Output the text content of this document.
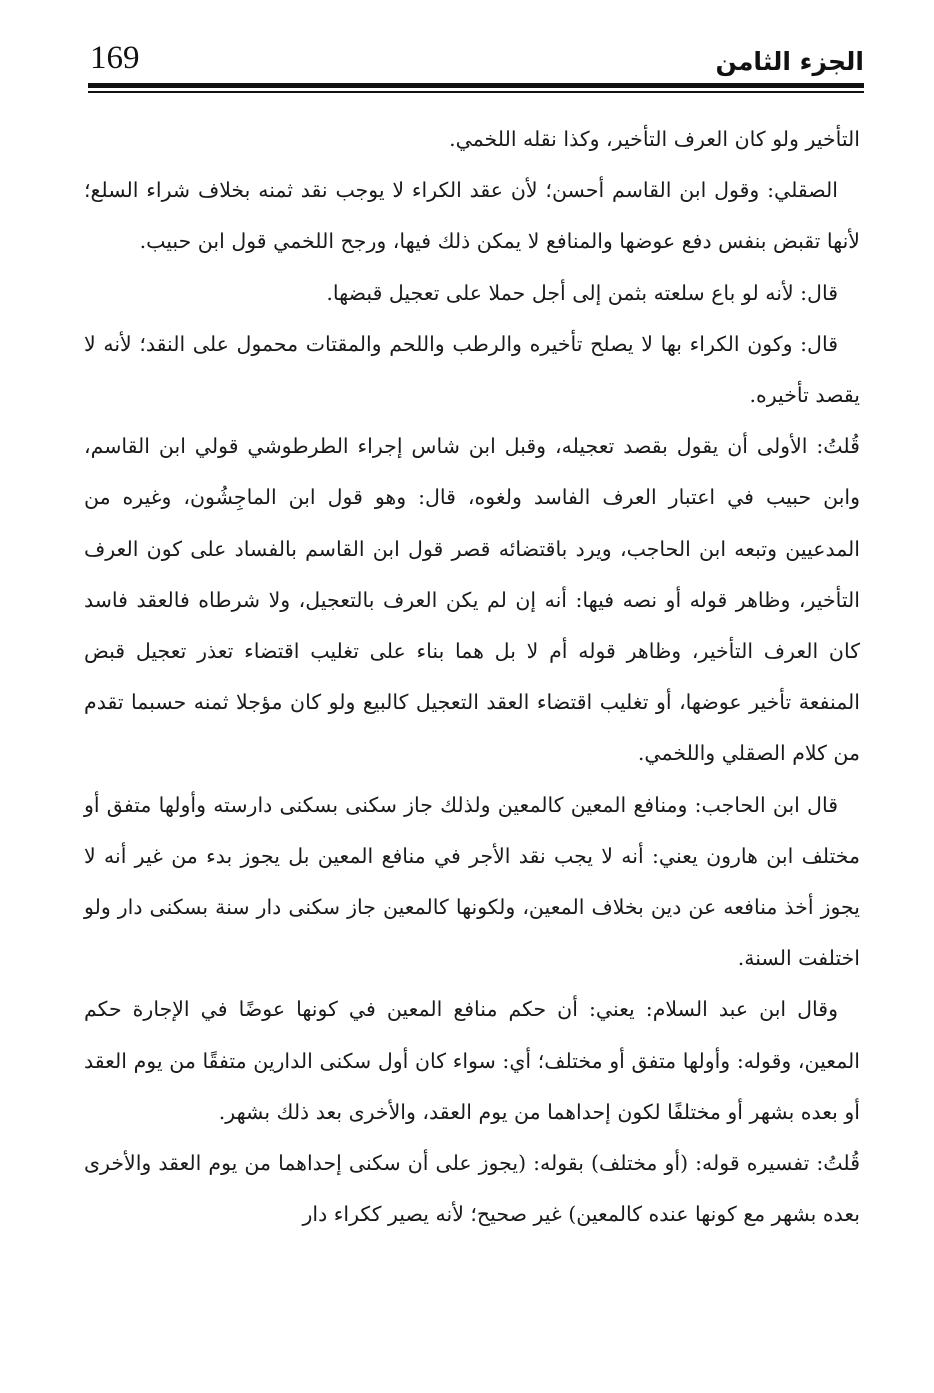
169	الجزء الثامن

التأخير ولو كان العرف التأخير، وكذا نقله اللخمي.

الصقلي: وقول ابن القاسم أحسن؛ لأن عقد الكراء لا يوجب نقد ثمنه بخلاف شراء السلع؛ لأنها تقبض بنفس دفع عوضها والمنافع لا يمكن ذلك فيها، ورجح اللخمي قول ابن حبيب.

قال: لأنه لو باع سلعته بثمن إلى أجل حملا على تعجيل قبضها.

قال: وكون الكراء بها لا يصلح تأخيره والرطب واللحم والمقتات محمول على النقد؛ لأنه لا يقصد تأخيره.

قُلتُ: الأولى أن يقول بقصد تعجيله، وقبل ابن شاس إجراء الطرطوشي قولي ابن القاسم، وابن حبيب في اعتبار العرف الفاسد ولغوه، قال: وهو قول ابن الماجِشُون، وغيره من المدعيين وتبعه ابن الحاجب، ويرد باقتضائه قصر قول ابن القاسم بالفساد على كون العرف التأخير، وظاهر قوله أو نصه فيها: أنه إن لم يكن العرف بالتعجيل، ولا شرطاه فالعقد فاسد كان العرف التأخير، وظاهر قوله أم لا بل هما بناء على تغليب اقتضاء تعذر تعجيل قبض المنفعة تأخير عوضها، أو تغليب اقتضاء العقد التعجيل كالبيع ولو كان مؤجلا ثمنه حسبما تقدم من كلام الصقلي واللخمي.

قال ابن الحاجب: ومنافع المعين كالمعين ولذلك جاز سكنى بسكنى دارسته وأولها متفق أو مختلف ابن هارون يعني: أنه لا يجب نقد الأجر في منافع المعين بل يجوز بدء من غير أنه لا يجوز أخذ منافعه عن دين بخلاف المعين، ولكونها كالمعين جاز سكنى دار سنة بسكنى دار ولو اختلفت السنة.

وقال ابن عبد السلام: يعني: أن حكم منافع المعين في كونها عوضًا في الإجارة حكم المعين، وقوله: وأولها متفق أو مختلف؛ أي: سواء كان أول سكنى الدارين متفقًا من يوم العقد أو بعده بشهر أو مختلفًا لكون إحداهما من يوم العقد، والأخرى بعد ذلك بشهر.

قُلتُ: تفسيره قوله: (أو مختلف) بقوله: (يجوز على أن سكنى إحداهما من يوم العقد والأخرى بعده بشهر مع كونها عنده كالمعين) غير صحيح؛ لأنه يصير ككراء دار
